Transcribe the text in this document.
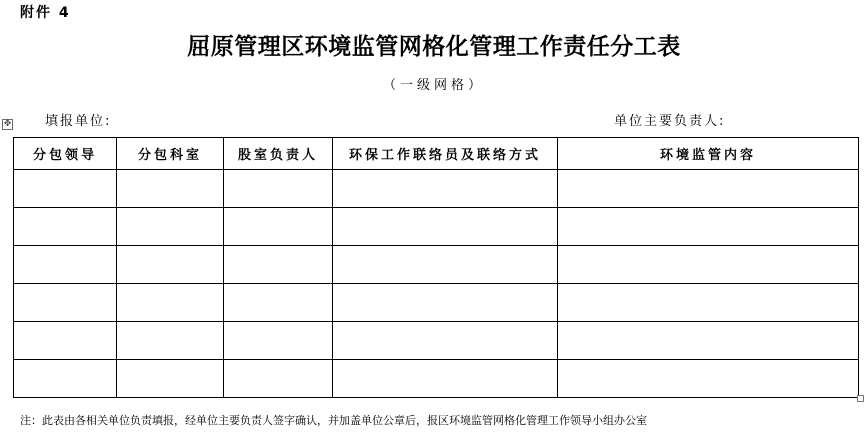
附件 4
屈原管理区环境监管网格化管理工作责任分工表
（一级网格）
✥	填报单位:	单位主要负责人:
分包领导	分包科室	股室负责人	环保工作联络员及联络方式	环境监管内容

注：此表由各相关单位负责填报，经单位主要负责人签字确认，并加盖单位公章后，报区环境监管网格化管理工作领导小组办公室
